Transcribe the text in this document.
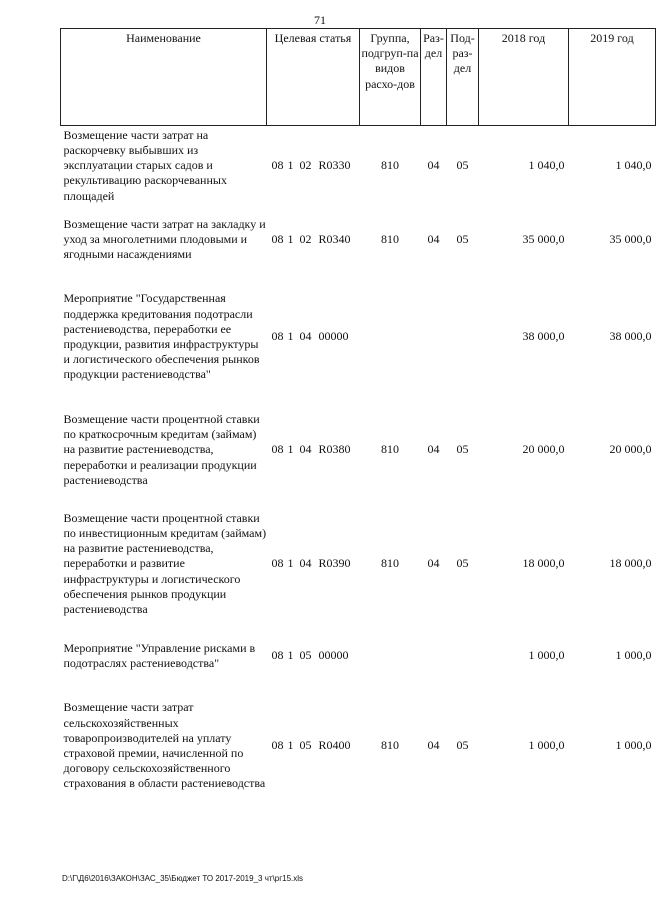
71
Наименование	Целевая статья	Группа, подгруп-па видов расхо-дов	Раз-дел	Под-раз-дел	2018 год	2019 год
Возмещение части затрат на раскорчевку выбывших из эксплуатации старых садов и рекультивацию раскорчеванных площадей	08 1 02 R0330	810	04	05	1 040,0	1 040,0
Возмещение части затрат на закладку и уход за многолетними плодовыми и ягодными насаждениями	08 1 02 R0340	810	04	05	35 000,0	35 000,0
Мероприятие "Государственная поддержка кредитования подотрасли растениеводства, переработки ее продукции, развития инфраструктуры и логистического обеспечения рынков продукции растениеводства"	08 1 04 00000				38 000,0	38 000,0
Возмещение части процентной ставки по краткосрочным кредитам (займам) на развитие растениеводства, переработки и реализации продукции растениеводства	08 1 04 R0380	810	04	05	20 000,0	20 000,0
Возмещение части процентной ставки по инвестиционным кредитам (займам) на развитие растениеводства, переработки и развитие инфраструктуры и логистического обеспечения рынков продукции растениеводства	08 1 04 R0390	810	04	05	18 000,0	18 000,0
Мероприятие "Управление рисками в подотраслях растениеводства"	08 1 05 00000				1 000,0	1 000,0
Возмещение части затрат сельскохозяйственных товаропроизводителей на уплату страховой премии, начисленной по договору сельскохозяйственного страхования в области растениеводства	08 1 05 R0400	810	04	05	1 000,0	1 000,0
D:\Г\Д6\2016\ЗАКОН\ЗАС_35\Бюджет ТО 2017-2019_3 чт\рг15.xls
